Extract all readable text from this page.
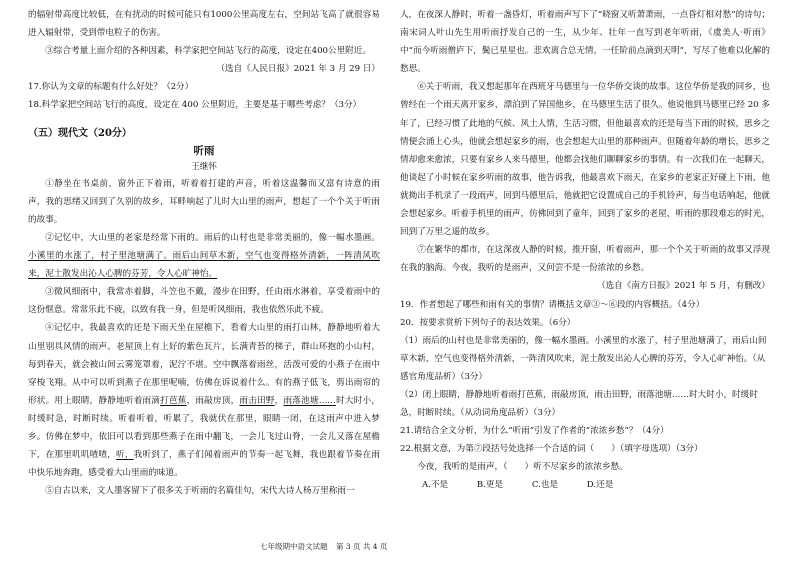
的辐射带高度比较低，在有扰动的时候可能只有1000公里高度左右，空间站飞高了就很容易进入辐射带，受到带电粒子的伤害。

③综合考量上面介绍的各种因素，科学家把空间站飞行的高度，设定在400公里附近。

（选自《人民日报》2021 年 3 月 29 日）

17.你认为文章的标题有什么好处？（2分）

18.科学家把空间站飞行的高度，设定在 400 公里附近，主要是基于哪些考虑？（3分）

（五）现代文（20分）

听雨

王继怀

①静坐在书桌前，窗外正下着雨，听着着打建的声音，听着这温馨而又富有诗意的雨声，我的思绪又回到了久别的故乡，耳畔响起了儿时大山里的雨声，想起了一个个关于听雨的故事。

②记忆中，大山里的老家是经常下雨的。雨后的山村也是非常美丽的，像一幅水墨画。小溪里的水涨了，村子里池塘满了。雨后山间草木新，空气也变得格外清新，一阵清风吹来，泥土散发出沁人心脾的芬芳，令人心旷神怡。

③微风细雨中，我常赤着脚，斗笠也不戴，漫步在田野，任由雨水淋着，享受着雨中的这份惬意。常常乐此不疲，以致有我一身，但是听风细雨，我也依然乐此不疲。

④记忆中，我最喜欢的还是下雨天坐在屋檐下，看着大山里的雨打山林，静静地听着大山里别具风情的雨声。老屋顶上有上好的紫色瓦片，长满青苔的梯子，群山环抱的小山村，每到春天，就会被山间云雾笼罩着，泥泞不堪。空中飘落着雨丝，活泼可爱的小燕子在雨中穿梭飞翔。从中可以听到燕子在那里呢喃，仿佛在诉说着什么。有的燕子低飞，剪出雨帘的形状。用上眼睛，静静地听着雨滴打芭蕉，雨敲房顶，雨击田野，雨落池塘……时大时小，时缓时急，时断时续。听着听着，听累了，我就伏在那里，眼睛一闭，在这雨声中进入梦乡。仿佛在梦中，依旧可以看到那些燕子在雨中翻飞，一会儿飞过山脊，一会儿又落在屋檐下，在那里叽叽喳喳，听，我听到了，燕子们闻着雨声的节奏一起飞舞，我也跟着节奏在雨中快乐地奔跑，感受着大山里雨的味道。

⑤自古以来，文人墨客留下了很多关于听雨的名篇佳句，宋代大诗人杨万里称雨一

人，在夜深人静时，听着一盏昏灯，听着雨声写下了“晓窗又听萧萧雨，一点昏灯相对愁”的诗句；南宋词人叶山先生用听雨抒发自己的一生，从少年、壮年一直写到老年听雨，《虞美人·听雨》中“而今听雨僧庐下，鬓已星星也。悲欢离合总无情，一任阶前点滴到天明”，写尽了他难以化解的愁思。

⑥关于听雨，我又想起那年在西班牙马德里与一位华侨交谈的故事。这位华侨是我的同乡，也曾经在一个雨天离开家乡，漂泊到了异国他乡，在马德里生活了很久。他说他到马德里已经 20 多年了，已经习惯了此地的气候、风土人情，生活习惯，但他最喜欢的还是每当下雨的时候，思乡之情便会涌上心头，他就会想起家乡的雨，也会想起大山里的那种雨声。但随着年龄的增长，思乡之情却愈来愈浓，只要有家乡人来马德里，他都会找他们聊聊家乡的事情。有一次我们在一起聊天，他谈起了小时候在家乡听雨的故事，他告诉我，他最喜欢下雨天，在家乡的老家正好碰上下雨，他就拗出手机录了一段雨声，回到马德里后，他就把它设置成自己的手机铃声，每当电话响起，他就会想起家乡。听着手机里的雨声，仿佛回到了童年，回到了家乡的老屋，听雨的那段难忘的时光，回到了万里之遥的故乡。

⑦在繁华的都市，在这深夜人静的时候，推开窗，听着雨声，那一个个关于听雨的故事又浮现在我的脑海。今夜，我听的是雨声，又何尝不是一份浓浓的乡愁。

（选自《南方日报》2021 年 5 月，有删改）

19．作者想起了哪些和雨有关的事情？请概括文章③～⑥段的内容概括。（4分）

20．按要求赏析下列句子的表达效果。（6分）

（1）雨后的山村也是非常美丽的，像一幅水墨画。小溪里的水涨了，村子里池塘满了，雨后山间草木新，空气也变得格外清新，一阵清风吹来，泥土散发出沁人心脾的芬芳，令人心旷神怡。（从感官角度品析）（3分）

（2）闭上眼睛，静静地听着雨打芭蕉，雨敲房顶，雨击田野，雨落池塘……时大时小，时缓时急，时断时续。（从动词角度品析）（3分）

21.请结合全文分析，为什么“听雨”引发了作者的“浓浓乡愁”？（4分）

22.根据文意，为第⑦段括号处选择一个合适的词（　　）（填字母选项）（3分）

今夜，我听的是雨声，（　　）听不尽家乡的浓浓乡愁。

A.不是	B.更是	C.也是	D.还是

七年级期中语文试题 第 3 页 共 4 页
